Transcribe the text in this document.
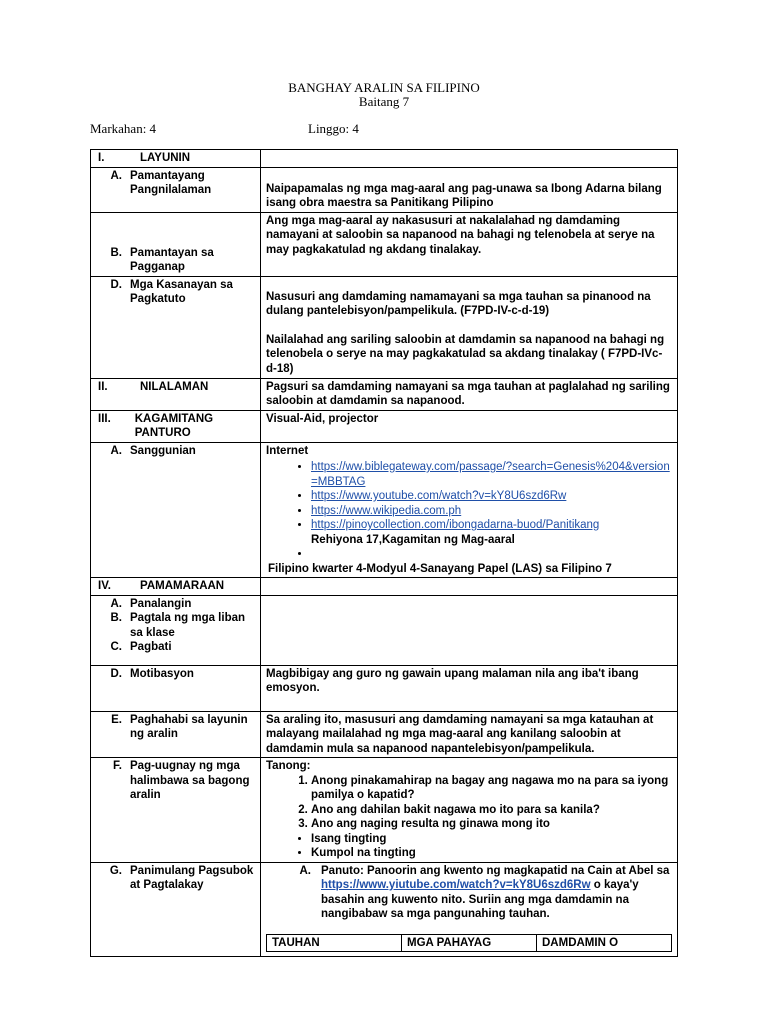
BANGHAY ARALIN SA FILIPINO
Baitang 7
Markahan: 4	Linggo: 4
I.	LAYUNIN	

A. Pamantayang Pangnilalaman	Naipapamalas ng mga mag-aaral ang pag-unawa sa Ibong Adarna bilang isang obra maestra sa Panitikang Pilipino

B. Pamantayan sa Pagganap
	Ang mga mag-aaral ay nakasusuri at nakalalahad ng damdaming namayani at saloobin sa napanood na bahagi ng telenobela at serye na may pagkakatulad ng akdang tinalakay.

D. Mga Kasanayan sa Pagkatuto	Nasusuri ang damdaming namamayani sa mga tauhan sa pinanood na dulang pantelebisyon/pampelikula. (F7PD-IV-c-d-19)

Nailalahad ang sariling saloobin at damdamin sa napanood na bahagi ng telenobela o serye na may pagkakatulad sa akdang tinalakay ( F7PD-IVc-d-18)

II.	NILALAMAN	Pagsuri sa damdaming namayani sa mga tauhan at paglalahad ng sariling saloobin at damdamin sa napanood.

III.	KAGAMITANG PANTURO
	Visual-Aid, projector

A. Sanggunian	Internet
• https://ww.biblegateway.com/passage/?search=Genesis%204&version=MBBTAG
• https://www.youtube.com/watch?v=kY8U6szd6Rw
• https://www.wikipedia.com.ph
• https://pinoycollection.com/ibongadarna-buod/Panitikang
Rehiyona 17,Kagamitan ng Mag-aaral
•
Filipino kwarter 4-Modyul 4-Sanayang Papel (LAS) sa Filipino 7

IV.	PAMAMARAAN	

A. Panalangin
B. Pagtala ng mga liban sa klase
C. Pagbati

D. Motibasyon	Magbibigay ang guro ng gawain upang malaman nila ang iba't ibang emosyon.

E. Paghahabi sa layunin ng aralin
	Sa araling ito, masusuri ang damdaming namayani sa mga katauhan at malayang mailalahad ng mga mag-aaral ang kanilang saloobin at damdamin mula sa napanood napantelebisyon/pampelikula.

F. Pag-uugnay ng mga halimbawa sa bagong aralin

Tanong:
1. Anong pinakamahirap na bagay ang nagawa mo na para sa iyong pamilya o kapatid?
2. Ano ang dahilan bakit nagawa mo ito para sa kanila?
3. Ano ang naging resulta ng ginawa mong ito
• Isang tingting
• Kumpol na tingting

G. Panimulang Pagsubok at Pagtalakay

A. Panuto: Panoorin ang kwento ng magkapatid na Cain at Abel sa https://www.yiutube.com/watch?v=kY8U6szd6Rw o kaya'y basahin ang kuwento nito. Suriin ang mga damdamin na nangibabaw sa mga pangunahing tauhan.
TAUHAN	MGA PAHAYAG	DAMDAMIN O
